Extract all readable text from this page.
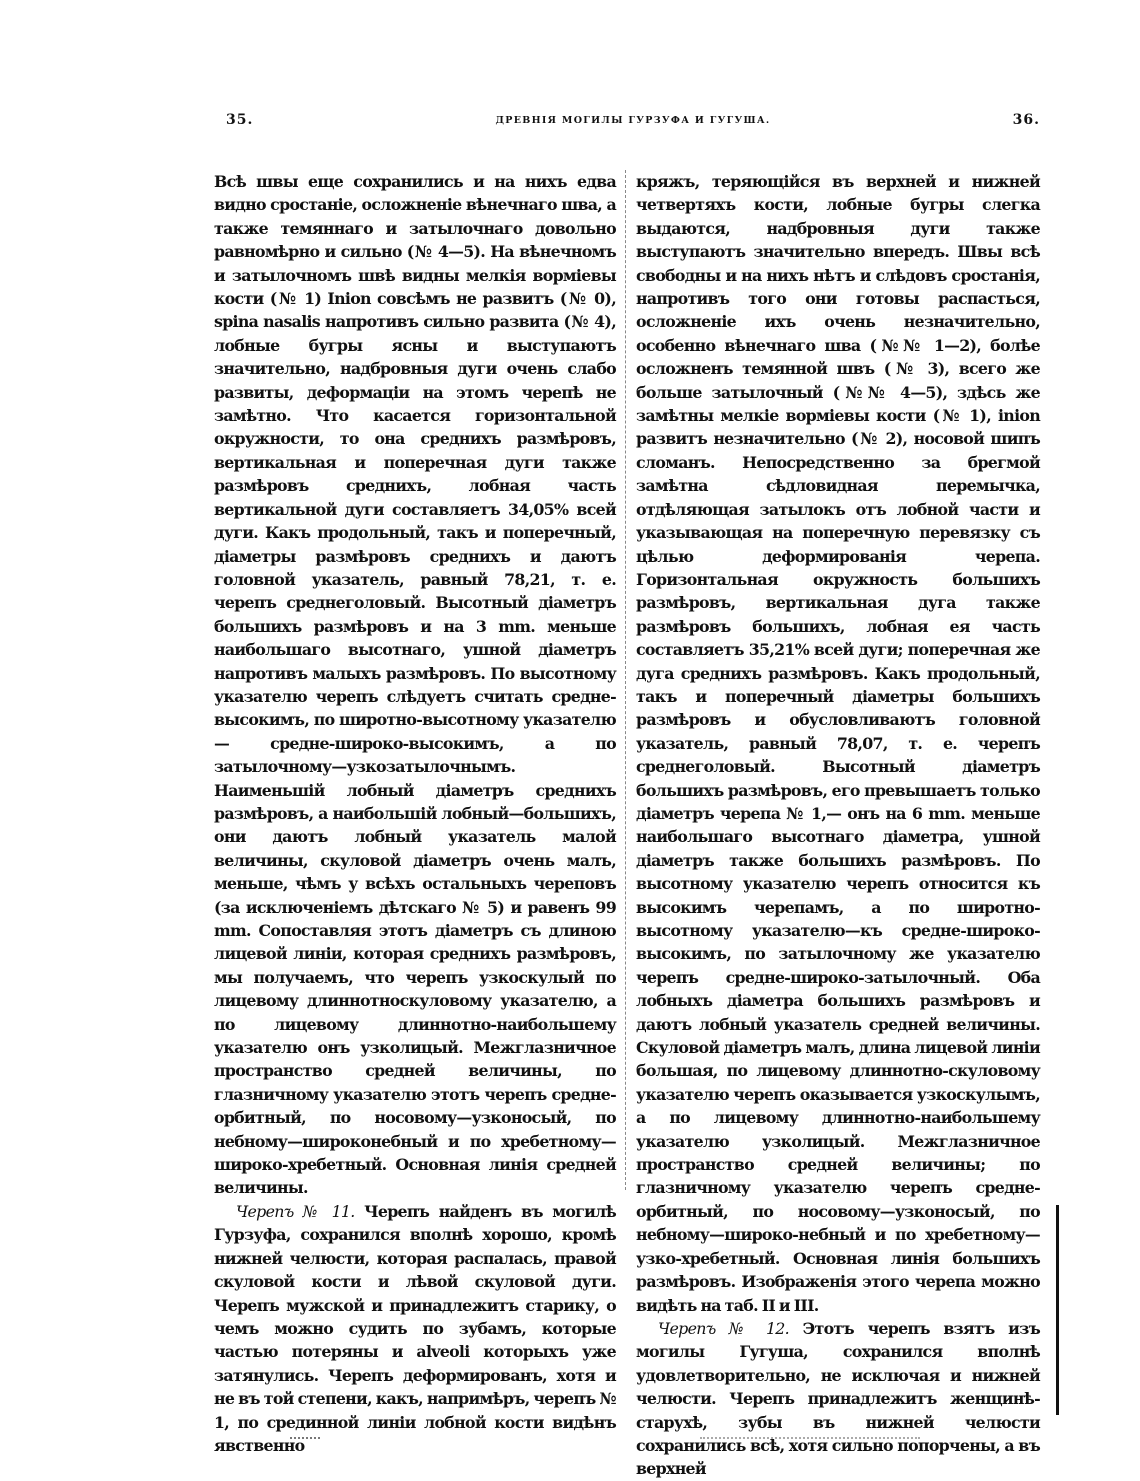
35.	ДРЕВНІЯ МОГИЛЫ ГУРЗУФА И ГУГУША.	36.

Всѣ швы еще сохранились и на нихъ едва видно сростаніе, осложненіе вѣнечнаго шва, а также темяннаго и затылочнаго довольно равномѣрно и сильно (№ 4—5). На вѣнечномъ и затылочномъ швѣ видны мелкія ворміевы кости (№ 1) Inion совсѣмъ не развитъ (№ 0), spina nasalis напротивъ сильно развита (№ 4), лобные бугры ясны и выступаютъ значительно, надбровныя дуги очень слабо развиты, деформаціи на этомъ черепѣ не замѣтно. Что касается горизонтальной окружности, то она среднихъ размѣровъ, вертикальная и поперечная дуги также размѣровъ среднихъ, лобная часть вертикальной дуги составляетъ 34,05% всей дуги. Какъ продольный, такъ и поперечный, діаметры размѣровъ среднихъ и даютъ головной указатель, равный 78,21, т. е. черепъ среднеголовый. Высотный діаметръ большихъ размѣровъ и на 3 mm. меньше наибольшаго высотнаго, ушной діаметръ напротивъ малыхъ размѣровъ. По высотному указателю черепъ слѣдуетъ считать средне-высокимъ, по широтно-высотному указателю — средне-широко-высокимъ, а по затылочному—узкозатылочнымъ. Наименьшій лобный діаметръ среднихъ размѣровъ, а наибольшій лобный—большихъ, они даютъ лобный указатель малой величины, скуловой діаметръ очень малъ, меньше, чѣмъ у всѣхъ остальныхъ череповъ (за исключеніемъ дѣтскаго № 5) и равенъ 99 mm. Сопоставляя этотъ діаметръ съ длиною лицевой линіи, которая среднихъ размѣровъ, мы получаемъ, что черепъ узкоскулый по лицевому длиннотноскуловому указателю, а по лицевому длиннотно-наибольшему указателю онъ узколицый. Межглазничное пространство средней величины, по глазничному указателю этотъ черепъ средне-орбитный, по носовому—узконосый, по небному—широконебный и по хребетному—широко-хребетный. Основная линія средней величины.

Черепъ № 11. Черепъ найденъ въ могилѣ Гурзуфа, сохранился вполнѣ хорошо, кромѣ нижней челюсти, которая распалась, правой скуловой кости и лѣвой скуловой дуги. Черепъ мужской и принадлежитъ старику, о чемъ можно судить по зубамъ, которые частью потеряны и alveoli которыхъ уже затянулись. Черепъ деформированъ, хотя и не въ той степени, какъ, напримѣръ, черепъ № 1, по срединной линіи лобной кости видѣнъ явственно

кряжъ, теряющійся въ верхней и нижней четвертяхъ кости, лобные бугры слегка выдаются, надбровныя дуги также выступаютъ значительно впередъ. Швы всѣ свободны и на нихъ нѣтъ и слѣдовъ сростанія, напротивъ того они готовы распасться, осложненіе ихъ очень незначительно, особенно вѣнечнаго шва (№№ 1—2), болѣе осложненъ темянной швъ (№ 3), всего же больше затылочный (№№ 4—5), здѣсь же замѣтны мелкіе ворміевы кости (№ 1), inion развитъ незначительно (№ 2), носовой шипъ сломанъ. Непосредственно за брегмой замѣтна сѣдловидная перемычка, отдѣляющая затылокъ отъ лобной части и указывающая на поперечную перевязку съ цѣлью деформированія черепа. Горизонтальная окружность большихъ размѣровъ, вертикальная дуга также размѣровъ большихъ, лобная ея часть составляетъ 35,21% всей дуги; поперечная же дуга среднихъ размѣровъ. Какъ продольный, такъ и поперечный діаметры большихъ размѣровъ и обусловливаютъ головной указатель, равный 78,07, т. е. черепъ среднеголовый. Высотный діаметръ большихъ размѣровъ, его превышаетъ только діаметръ черепа № 1,— онъ на 6 mm. меньше наибольшаго высотнаго діаметра, ушной діаметръ также большихъ размѣровъ. По высотному указателю черепъ относится къ высокимъ черепамъ, а по широтно-высотному указателю—къ средне-широко-высокимъ, по затылочному же указателю черепъ средне-широко-затылочный. Оба лобныхъ діаметра большихъ размѣровъ и даютъ лобный указатель средней величины. Скуловой діаметръ малъ, длина лицевой линіи большая, по лицевому длиннотно-скуловому указателю черепъ оказывается узкоскулымъ, а по лицевому длиннотно-наибольшему указателю узколицый. Межглазничное пространство средней величины; по глазничному указателю черепъ средне-орбитный, по носовому—узконосый, по небному—широко-небный и по хребетному—узко-хребетный. Основная линія большихъ размѣровъ. Изображенія этого черепа можно видѣть на таб. II и III.

Черепъ № 12. Этотъ черепъ взятъ изъ могилы Гугуша, сохранился вполнѣ удовлетворительно, не исключая и нижней челюсти. Черепъ принадлежитъ женщинѣ-старухѣ, зубы въ нижней челюсти сохранились всѣ, хотя сильно попорчены, а въ верхней
